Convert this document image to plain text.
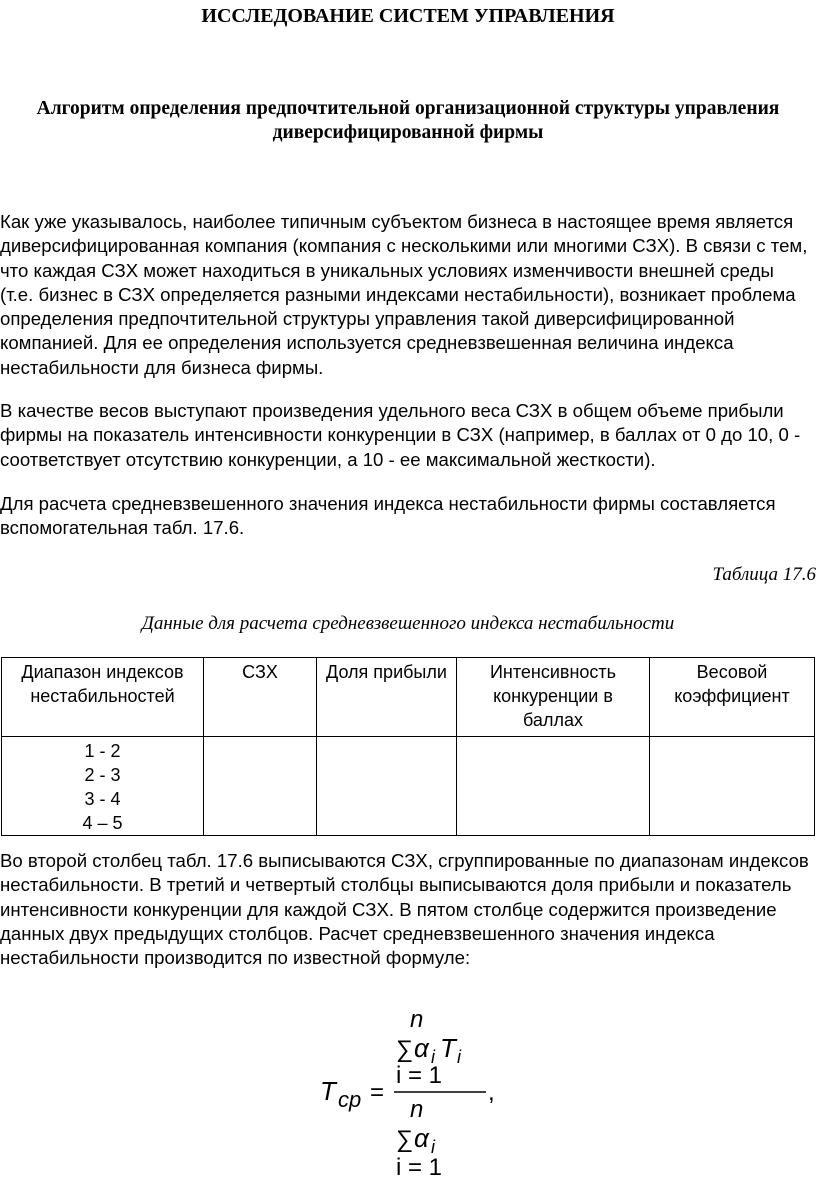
ИССЛЕДОВАНИЕ СИСТЕМ УПРАВЛЕНИЯ
Алгоритм определения предпочтительной организационной структуры управления
диверсифицированной фирмы

Как уже указывалось, наиболее типичным субъектом бизнеса в настоящее время является
диверсифицированная компания (компания с несколькими или многими СЗХ). В связи с тем,
что каждая СЗХ может находиться в уникальных условиях изменчивости внешней среды
(т.е. бизнес в СЗХ определяется разными индексами нестабильности), возникает проблема
определения предпочтительной структуры управления такой диверсифицированной
компанией. Для ее определения используется средневзвешенная величина индекса
нестабильности для бизнеса фирмы.

В качестве весов выступают произведения удельного веса СЗХ в общем объеме прибыли
фирмы на показатель интенсивности конкуренции в СЗХ (например, в баллах от 0 до 10, 0 -
соответствует отсутствию конкуренции, а 10 - ее максимальной жесткости).

Для расчета средневзвешенного значения индекса нестабильности фирмы составляется
вспомогательная табл. 17.6.

Таблица 17.6

Данные для расчета средневзвешенного индекса нестабильности

Диапазон индексов нестабильностей	СЗХ	Доля прибыли	Интенсивность конкуренции в баллах	Весовой коэффициент

1 - 2
2 - 3
3 - 4
4 – 5				

Во второй столбец табл. 17.6 выписываются СЗХ, сгруппированные по диапазонам индексов
нестабильности. В третий и четвертый столбцы выписываются доля прибыли и показатель
интенсивности конкуренции для каждой СЗХ. В пятом столбце содержится произведение
данных двух предыдущих столбцов. Расчет средневзвешенного значения индекса
нестабильности производится по известной формуле:

n
∑ α i T i
i = 1
T cp =	,
n
∑ α i
i = 1
